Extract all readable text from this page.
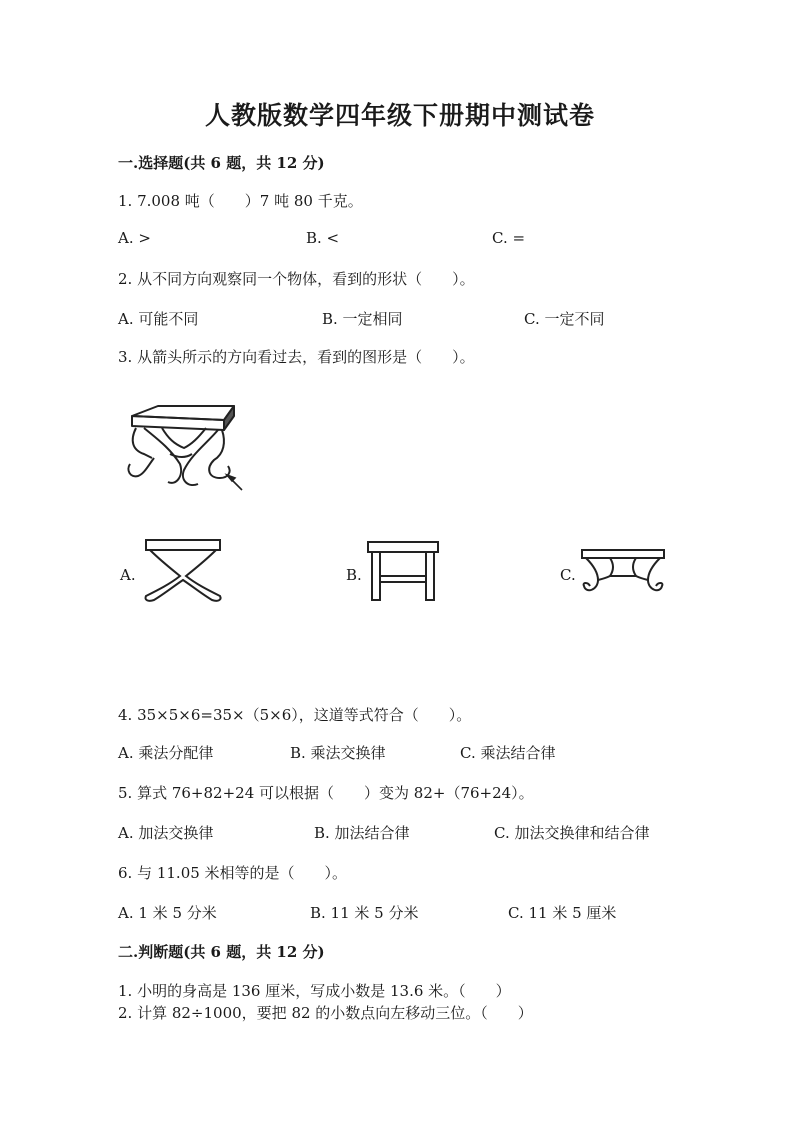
人教版数学四年级下册期中测试卷
一.选择题(共 6 题，共 12 分)
1. 7.008 吨（　　）7 吨 80 千克。
A. >	B. <	C. =
2. 从不同方向观察同一个物体，看到的形状（　　）。
A. 可能不同	B. 一定相同	C. 一定不同
3. 从箭头所示的方向看过去，看到的图形是（　　）。
A.	B.	C.
4. 35×5×6=35×（5×6），这道等式符合（　　）。
A. 乘法分配律	B. 乘法交换律	C. 乘法结合律
5. 算式 76+82+24 可以根据（　　）变为 82+（76+24）。
A. 加法交换律	B. 加法结合律	C. 加法交换律和结合律
6. 与 11.05 米相等的是（　　）。
A. 1 米 5 分米	B. 11 米 5 分米	C. 11 米 5 厘米
二.判断题(共 6 题，共 12 分)
1. 小明的身高是 136 厘米，写成小数是 13.6 米。（　　）
2. 计算 82÷1000，要把 82 的小数点向左移动三位。（　　）
